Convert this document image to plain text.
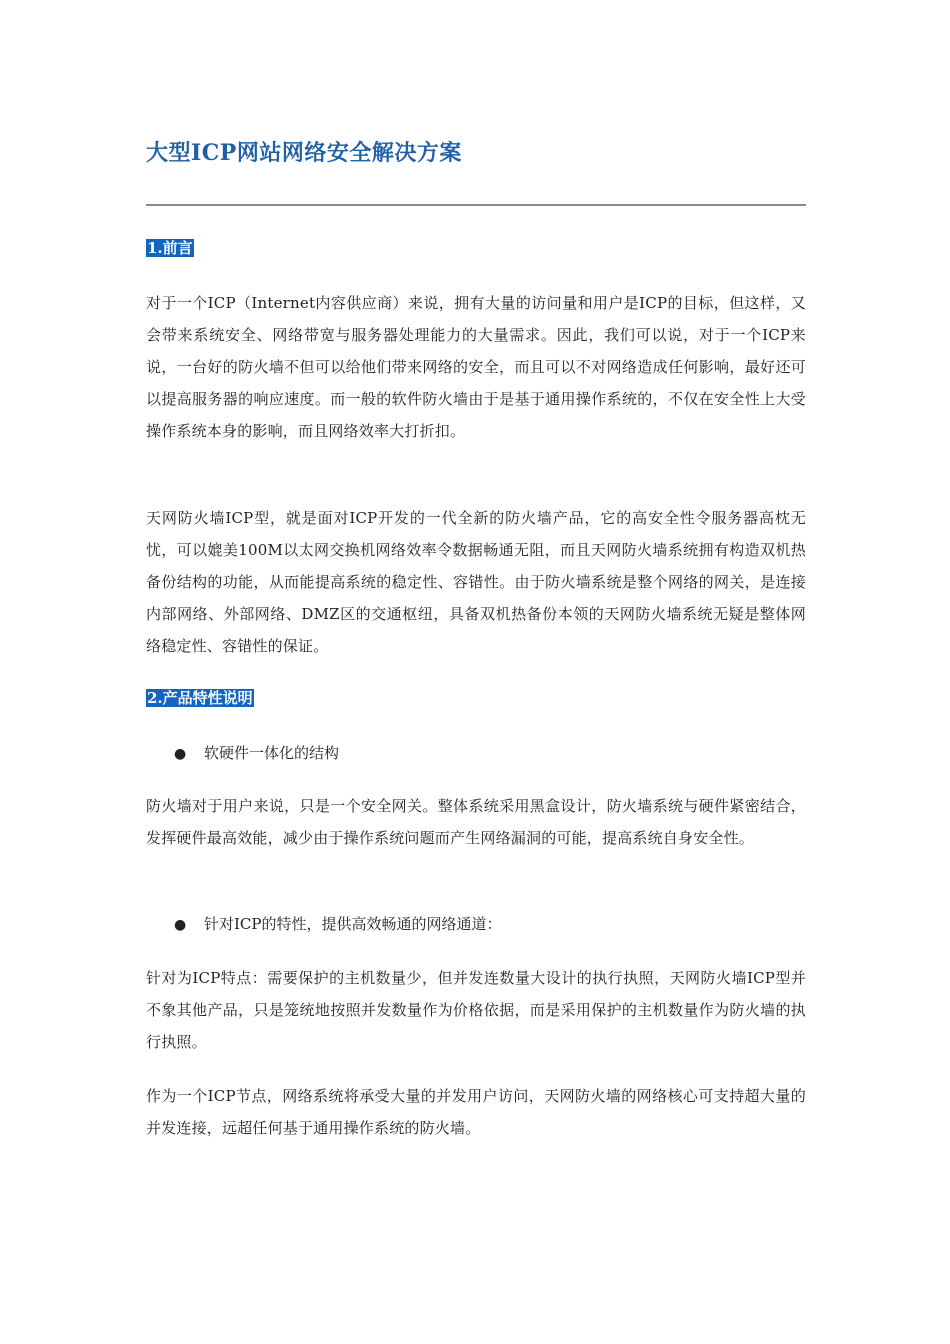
大型ICP网站网络安全解决方案
1.前言

对于一个ICP（Internet内容供应商）来说，拥有大量的访问量和用户是ICP的目标，但这样，又会带来系统安全、网络带宽与服务器处理能力的大量需求。因此，我们可以说，对于一个ICP来说，一台好的防火墙不但可以给他们带来网络的安全，而且可以不对网络造成任何影响，最好还可以提高服务器的响应速度。而一般的软件防火墙由于是基于通用操作系统的，不仅在安全性上大受操作系统本身的影响，而且网络效率大打折扣。

天网防火墙ICP型，就是面对ICP开发的一代全新的防火墙产品，它的高安全性令服务器高枕无忧，可以媲美100M以太网交换机网络效率令数据畅通无阻，而且天网防火墙系统拥有构造双机热备份结构的功能，从而能提高系统的稳定性、容错性。由于防火墙系统是整个网络的网关，是连接内部网络、外部网络、DMZ区的交通枢纽，具备双机热备份本领的天网防火墙系统无疑是整体网络稳定性、容错性的保证。

2.产品特性说明
● 软硬件一体化的结构

防火墙对于用户来说，只是一个安全网关。整体系统采用黑盒设计，防火墙系统与硬件紧密结合，发挥硬件最高效能，减少由于操作系统问题而产生网络漏洞的可能，提高系统自身安全性。

● 针对ICP的特性，提供高效畅通的网络通道：

针对为ICP特点：需要保护的主机数量少，但并发连数量大设计的执行执照，天网防火墙ICP型并不象其他产品，只是笼统地按照并发数量作为价格依据，而是采用保护的主机数量作为防火墙的执行执照。

作为一个ICP节点，网络系统将承受大量的并发用户访问，天网防火墙的网络核心可支持超大量的并发连接，远超任何基于通用操作系统的防火墙。
